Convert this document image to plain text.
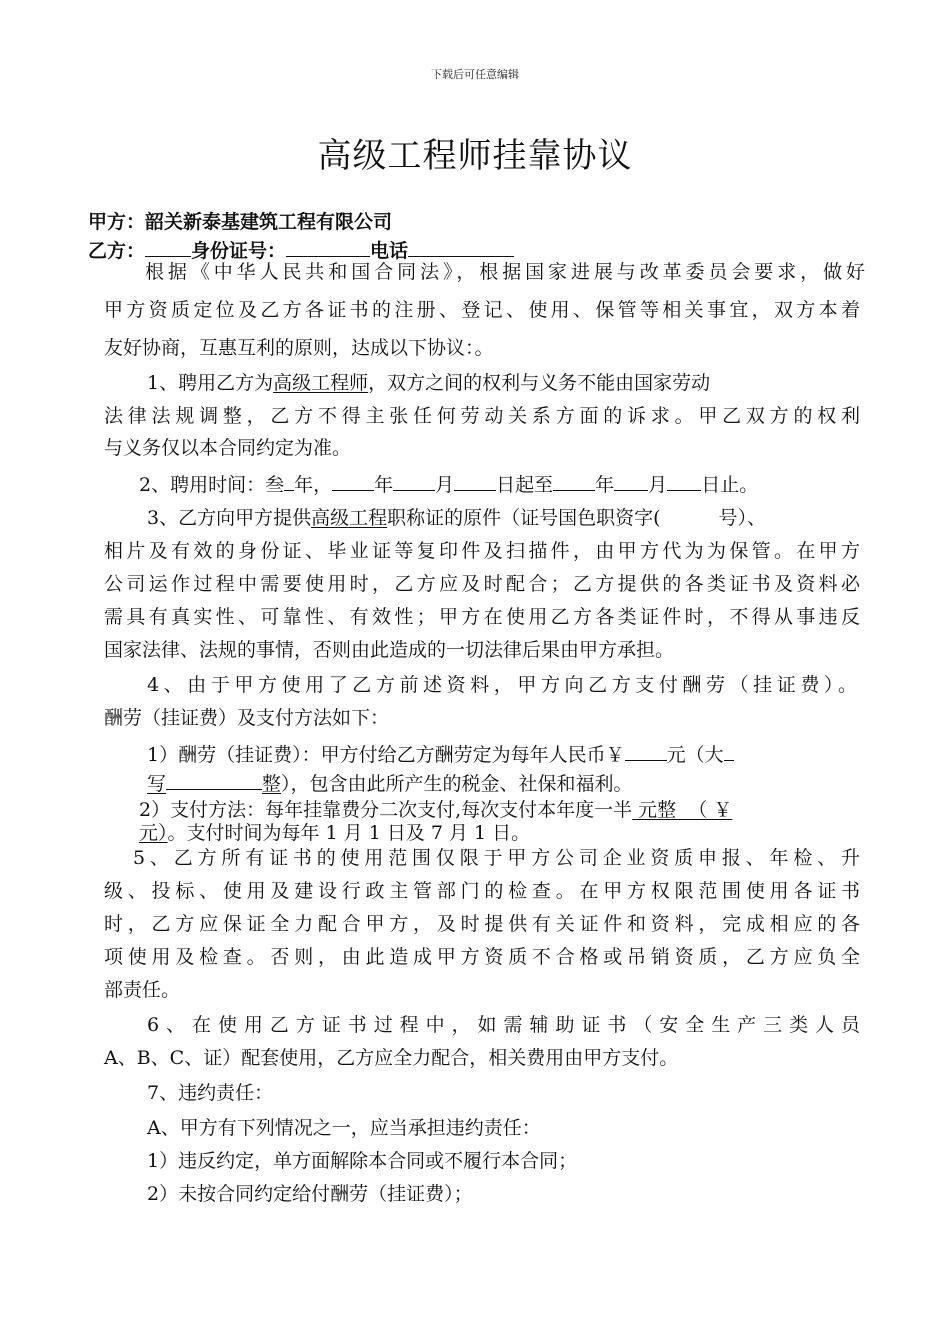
下载后可任意编辑
高级工程师挂靠协议
甲方：韶关新泰基建筑工程有限公司
乙方： 身份证号：	电话
根据《中华人民共和国合同法》，根据国家进展与改革委员会要求，做好
甲方资质定位及乙方各证书的注册、登记、使用、保管等相关事宜，双方本着
友好协商，互惠互利的原则，达成以下协议：。
1、聘用乙方为高级工程师，双方之间的权利与义务不能由国家劳动
法律法规调整，乙方不得主张任何劳动关系方面的诉求。甲乙双方的权利
与义务仅以本合同约定为准。
2、聘用时间：叁 年， 年 月 日起至 年 月 日止。
3、乙方向甲方提供高级工程职称证的原件（证号国色职资字(	号）、
相片及有效的身份证、毕业证等复印件及扫描件，由甲方代为为保管。在甲方
公司运作过程中需要使用时，乙方应及时配合；乙方提供的各类证书及资料必
需具有真实性、可靠性、有效性；甲方在使用乙方各类证件时，不得从事违反
国家法律、法规的事情，否则由此造成的一切法律后果由甲方承担。
4、由于甲方使用了乙方前述资料，甲方向乙方支付酬劳（挂证费）。
酬劳（挂证费）及支付方法如下：
1）酬劳（挂证费）：甲方付给乙方酬劳定为每年人民币￥ 元（大
写	整），包含由此所产生的税金、社保和福利。
2）支付方法：每年挂靠费分二次支付,每次支付本年度一半 元整  （ ￥
元）。支付时间为每年 1 月 1 日及 7 月 1 日。
5、乙方所有证书的使用范围仅限于甲方公司企业资质申报、年检、升
级、投标、使用及建设行政主管部门的检查。在甲方权限范围使用各证书
时，乙方应保证全力配合甲方，及时提供有关证件和资料，完成相应的各
项使用及检查。否则，由此造成甲方资质不合格或吊销资质，乙方应负全
部责任。
6、在使用乙方证书过程中，如需辅助证书（安全生产三类人员
A、B、C、证）配套使用，乙方应全力配合，相关费用由甲方支付。
7、违约责任：
A、甲方有下列情况之一，应当承担违约责任：
1）违反约定，单方面解除本合同或不履行本合同；
2）未按合同约定给付酬劳（挂证费）；
